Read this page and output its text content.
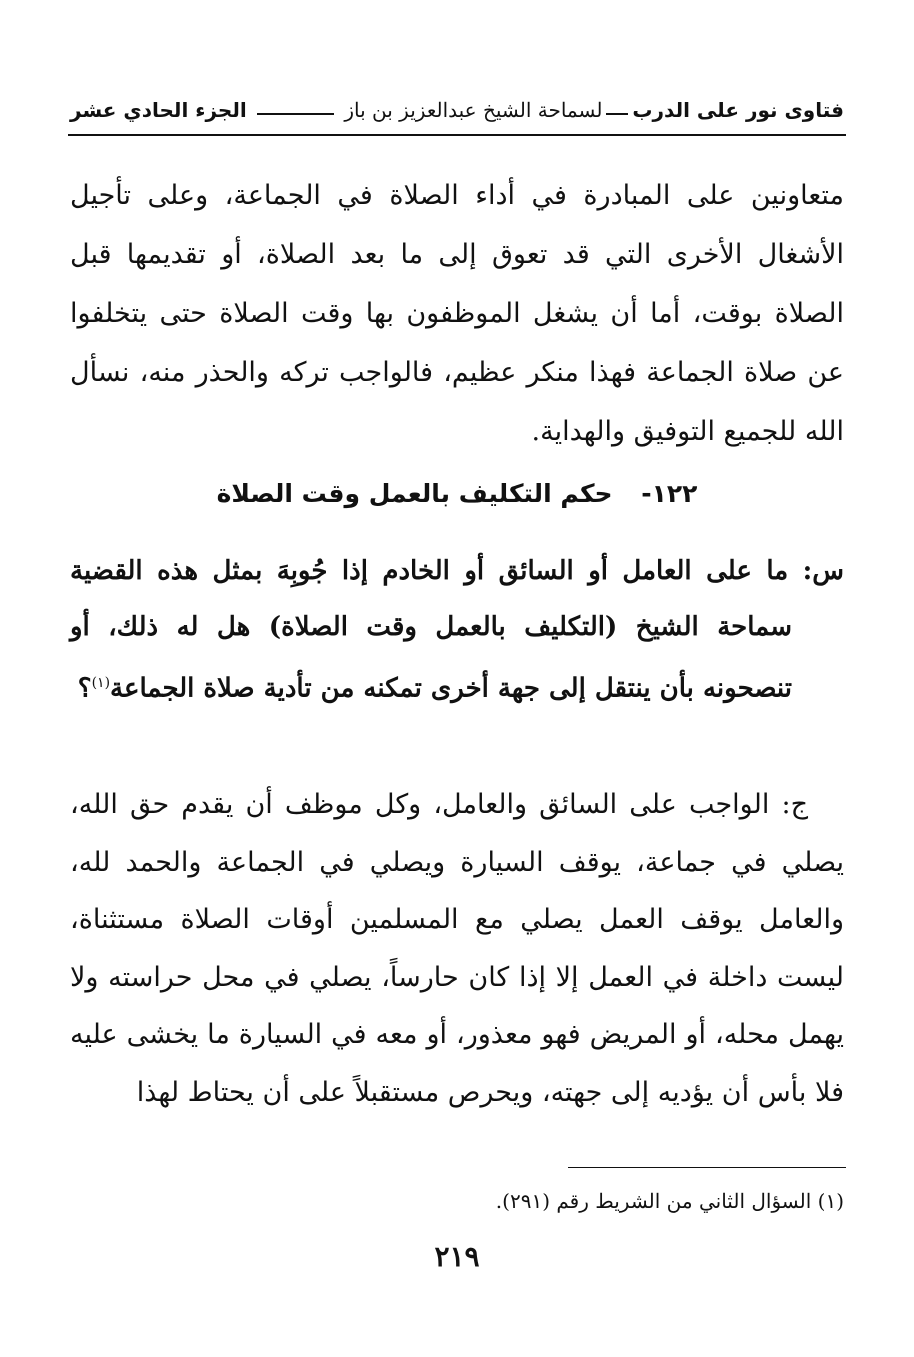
فتاوى نور على الدرب
لسماحة الشيخ عبدالعزيز بن باز
الجزء الحادي عشر

متعاونين على المبادرة في أداء الصلاة في الجماعة، وعلى تأجيل الأشغال الأخرى التي قد تعوق إلى ما بعد الصلاة، أو تقديمها قبل الصلاة بوقت، أما أن يشغل الموظفون بها وقت الصلاة حتى يتخلفوا عن صلاة الجماعة فهذا منكر عظيم، فالواجب تركه والحذر منه، نسأل الله للجميع التوفيق والهداية.

١٢٢- حكم التكليف بالعمل وقت الصلاة

س: ما على العامل أو السائق أو الخادم إذا جُوبِهَ بمثل هذه القضية سماحة الشيخ (التكليف بالعمل وقت الصلاة) هل له ذلك، أو تنصحونه بأن ينتقل إلى جهة أخرى تمكنه من تأدية صلاة الجماعة$^{(١)}$؟

ج: الواجب على السائق والعامل، وكل موظف أن يقدم حق الله، يصلي في جماعة، يوقف السيارة ويصلي في الجماعة والحمد لله، والعامل يوقف العمل يصلي مع المسلمين أوقات الصلاة مستثناة، ليست داخلة في العمل إلا إذا كان حارساً، يصلي في محل حراسته ولا يهمل محله، أو المريض فهو معذور، أو معه في السيارة ما يخشى عليه فلا بأس أن يؤديه إلى جهته، ويحرص مستقبلاً على أن يحتاط لهذا

(١) السؤال الثاني من الشريط رقم (٢٩١).
٢١٩
